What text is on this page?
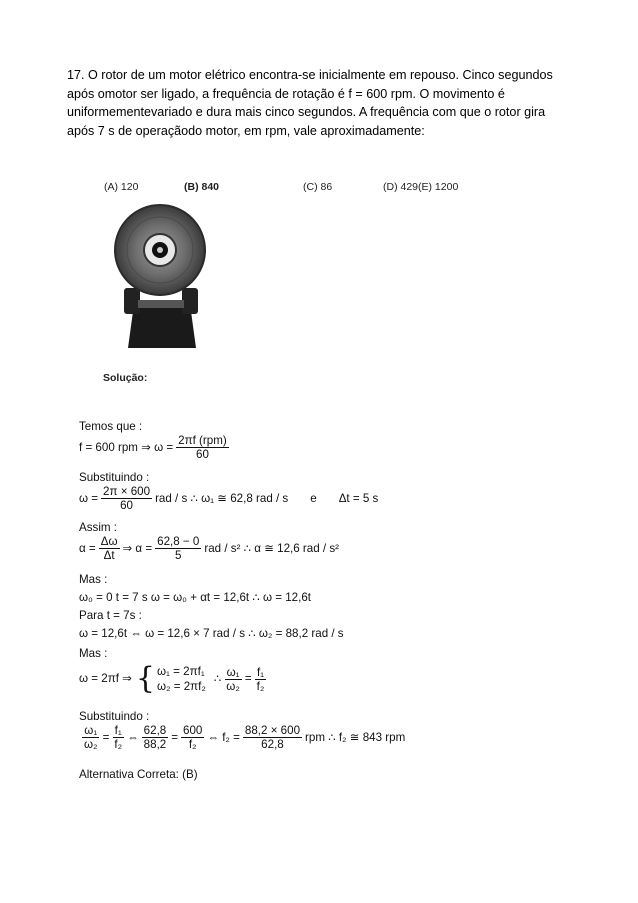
17. O rotor de um motor elétrico encontra-se inicialmente em repouso. Cinco segundos após omotor ser ligado, a frequência de rotação é f = 600 rpm. O movimento é uniformementevariado e dura mais cinco segundos. A frequência com que o rotor gira após 7 s de operaçãodo motor, em rpm, vale aproximadamente:
(A) 120	(B) 840	(C) 86	(D) 429(E) 1200
Solução:
Temos que :
f = 600 rpm ⇒ $\omega = \frac{\text{2πf (rpm)}}{60}$
Substituindo :
$\omega = \frac{2\pi \times 600}{60}$ rad / s ∴ ω₁ ≅ 62,8 rad / s e Δt = 5 s
Assim :
$\alpha = \frac{\Delta\omega}{\Delta t}$ ⇒ $\alpha = \frac{62,8 - 0}{5}$ rad / s² ∴ α ≅ 12,6 rad / s²
Mas :
ω₀ = 0 t = 7 s ω = ω₀ + αt = 12,6t ∴ ω = 12,6t
Para t = 7s :
ω = 12,6t ⇔ ω = 12,6 × 7 rad / s ∴ ω₂ = 88,2 rad / s
Mas :
ω = 2πf ⇒ { ω₁ = 2πf₁
ω₂ = 2πf₂
∴ $\frac{\text{ω₁}}{\text{ω₂}} = \frac{\text{f₁}}{\text{f₂}}$
Substituindo :
$\frac{\text{ω₁}}{\text{ω₂}} = \frac{\text{f₁}}{\text{f₂}}$ ⇔ $\frac{62,8}{88,2} = \frac{600}{\text{f₂}}$ ⇔ $f_2 = \frac{88,2 \times 600}{62,8}$ rpm ∴ f₂ ≅ 843 rpm
Alternativa Correta: (B)
